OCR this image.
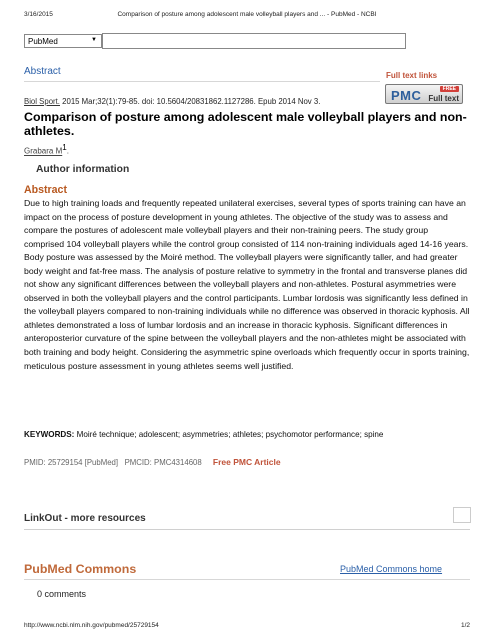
3/16/2015	Comparison of posture among adolescent male volleyball players and ... - PubMed - NCBI
PubMed	▼
Abstract	Full text links
PMC	FREE
Full text
Biol Sport. 2015 Mar;32(1):79-85. doi: 10.5604/20831862.1127286. Epub 2014 Nov 3.
Comparison of posture among adolescent male volleyball players and non-athletes.
Grabara $M^1$.
Author information
Abstract

Due to high training loads and frequently repeated unilateral exercises, several types of sports training can have an impact on the process of posture development in young athletes. The objective of the study was to assess and compare the postures of adolescent male volleyball players and their non-training peers. The study group comprised 104 volleyball players while the control group consisted of 114 non-training individuals aged 14-16 years. Body posture was assessed by the Moiré method. The volleyball players were significantly taller, and had greater body weight and fat-free mass. The analysis of posture relative to symmetry in the frontal and transverse planes did not show any significant differences between the volleyball players and non-athletes. Postural asymmetries were observed in both the volleyball players and the control participants. Lumbar lordosis was significantly less defined in the volleyball players compared to non-training individuals while no difference was observed in thoracic kyphosis. All athletes demonstrated a loss of lumbar lordosis and an increase in thoracic kyphosis. Significant differences in anteroposterior curvature of the spine between the volleyball players and the non-athletes might be associated with both training and body height. Considering the asymmetric spine overloads which frequently occur in sports training, meticulous posture assessment in young athletes seems well justified.

KEYWORDS: Moiré technique; adolescent; asymmetries; athletes; psychomotor performance; spine
PMID: 25729154 [PubMed] PMCID: PMC4314608 Free PMC Article
LinkOut - more resources
PubMed Commons	PubMed Commons home
0 comments
http://www.ncbi.nlm.nih.gov/pubmed/25729154	1/2
